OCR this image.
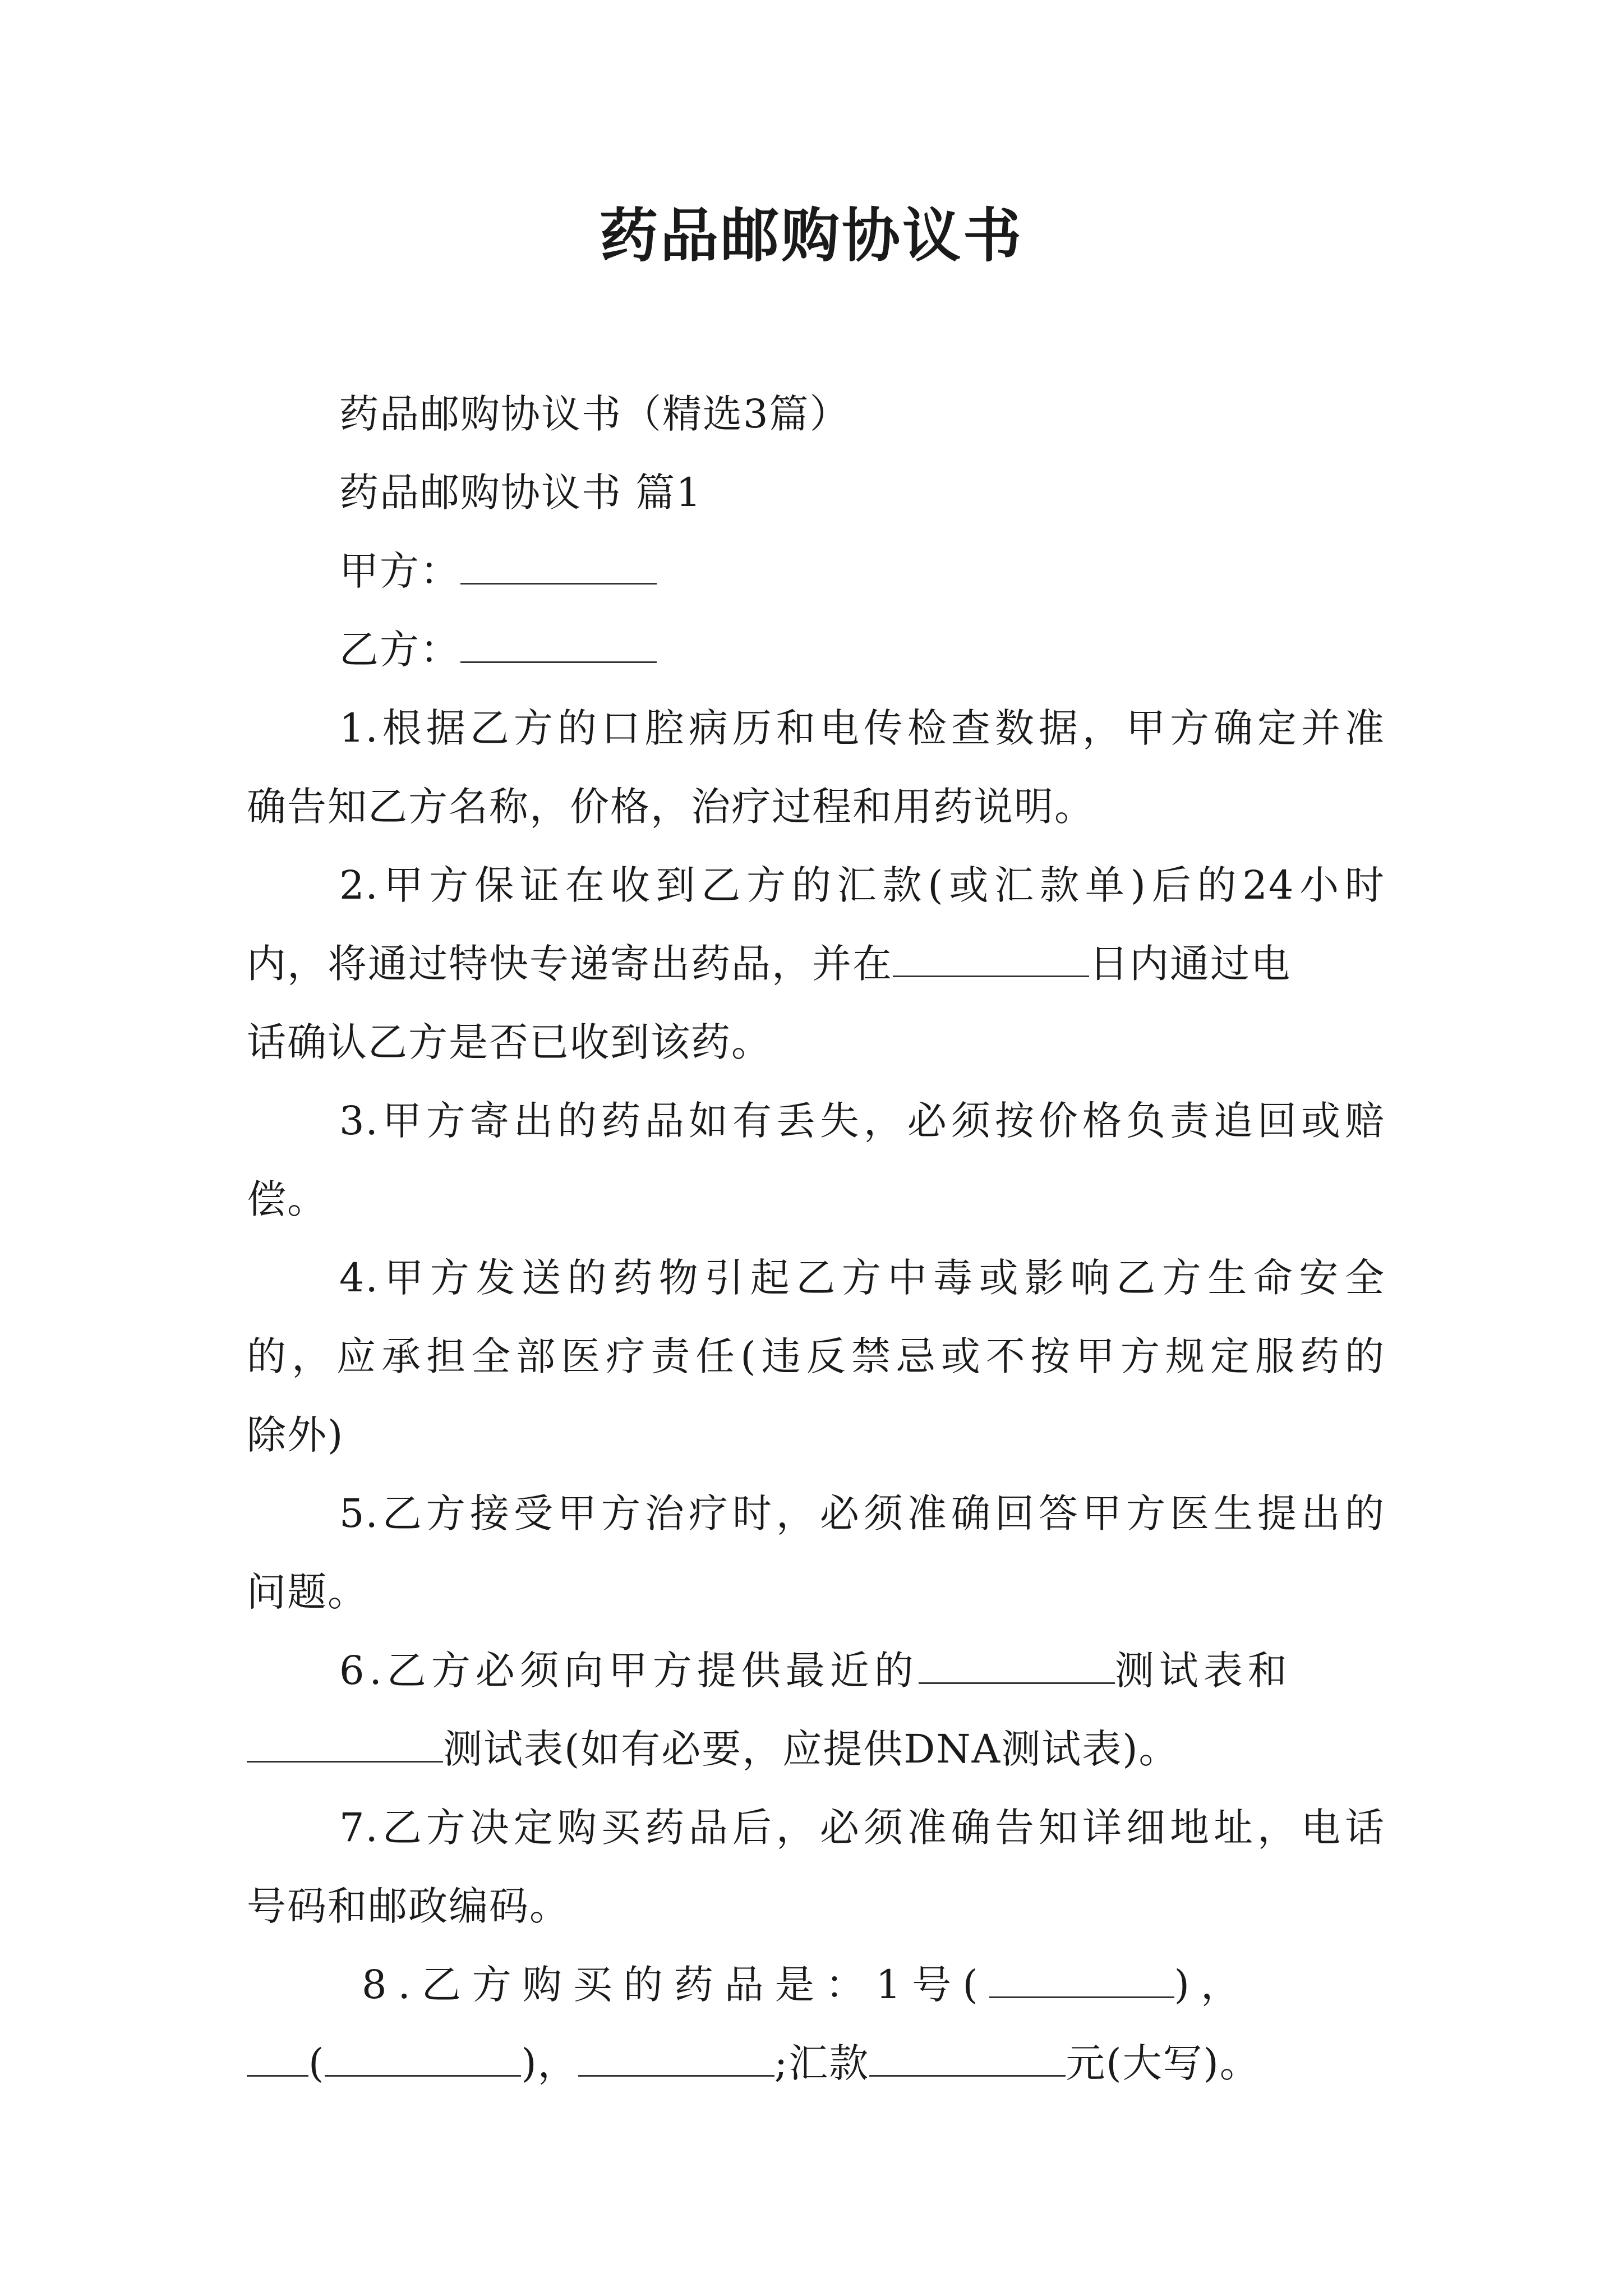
药品邮购协议书
药品邮购协议书（精选3篇）
药品邮购协议书 篇1
甲方：
乙方：
1.根据乙方的口腔病历和电传检查数据，甲方确定并准
确告知乙方名称，价格，治疗过程和用药说明。
2.甲方保证在收到乙方的汇款(或汇款单)后的24小时
内，将通过特快专递寄出药品，并在	日内通过电
话确认乙方是否已收到该药。
3.甲方寄出的药品如有丢失，必须按价格负责追回或赔
偿。
4.甲方发送的药物引起乙方中毒或影响乙方生命安全
的，应承担全部医疗责任(违反禁忌或不按甲方规定服药的
除外)
5.乙方接受甲方治疗时，必须准确回答甲方医生提出的
问题。
6.乙方必须向甲方提供最近的	测试表和
测试表(如有必要，应提供DNA测试表)。
7.乙方决定购买药品后，必须准确告知详细地址，电话
号码和邮政编码。
8.乙方购买的药品是：1号(	)，
(	)，	;汇款	元(大写)。
